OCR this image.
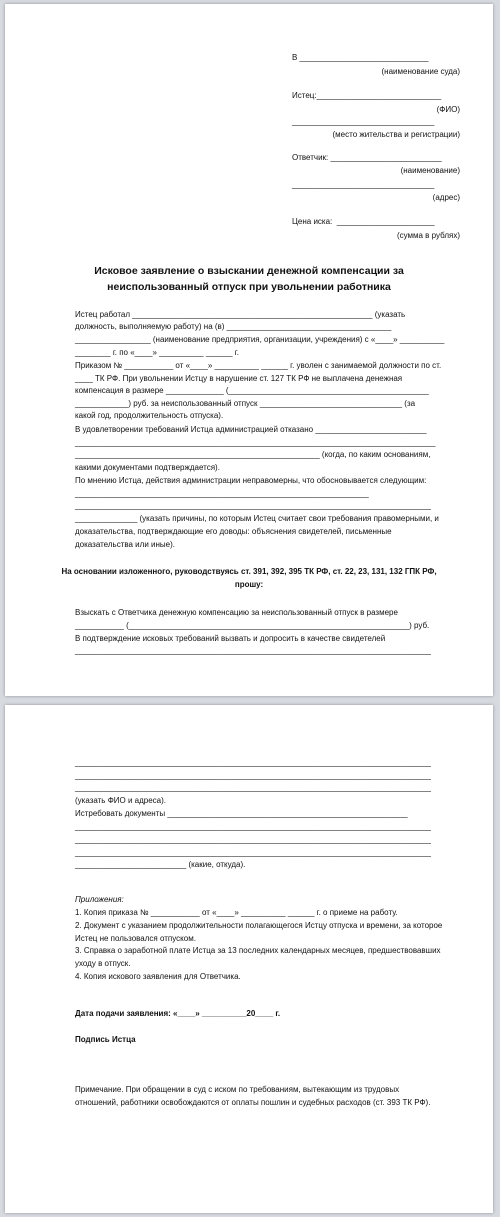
В _____________________________
(наименование суда)
Истец:____________________________
(ФИО)
________________________________
(место жительства и регистрации)
Ответчик: _________________________
(наименование)
________________________________
(адрес)
Цена иска:  ______________________
(сумма в рублях)
Исковое заявление о взыскании денежной компенсации за
неиспользованный отпуск при увольнении работника
Истец работал ______________________________________________________ (указать
должность, выполняемую работу) на (в) _____________________________________
_________________ (наименование предприятия, организации, учреждения) с «____» __________
________ г. по «____» __________ ______ г.
Приказом № ___________ от «____» __________ ______ г. уволен с занимаемой должности по ст.
____ ТК РФ. При увольнении Истцу в нарушение ст. 127 ТК РФ не выплачена денежная
компенсация в размере _____________ (_____________________________________________
____________) руб. за неиспользованный отпуск ________________________________ (за
какой год, продолжительность отпуска).
В удовлетворении требований Истца администрацией отказано _________________________
_________________________________________________________________________________
_______________________________________________________ (когда, по каким основаниям,
какими документами подтверждается).
По мнению Истца, действия администрации неправомерны, что обосновывается следующим:
__________________________________________________________________
________________________________________________________________________________
______________ (указать причины, по которым Истец считает свои требования правомерными, и
доказательства, подтверждающие его доводы: объяснения свидетелей, письменные
доказательства или иные).
На основании изложенного, руководствуясь ст. 391, 392, 395 ТК РФ, ст. 22, 23, 131, 132 ГПК РФ,
прошу:
Взыскать с Ответчика денежную компенсацию за неиспользованный отпуск в размере
___________ (_______________________________________________________________) руб.
В подтверждение исковых требований вызвать и допросить в качестве свидетелей
________________________________________________________________________________
________________________________________________________________________________
________________________________________________________________________________
________________________________________________________________________________
(указать ФИО и адреса).
Истребовать документы ______________________________________________________
________________________________________________________________________________
________________________________________________________________________________
________________________________________________________________________________
_________________________ (какие, откуда).
Приложения:
1. Копия приказа № ___________ от «____» __________ ______ г. о приеме на работу.
2. Документ с указанием продолжительности полагающегося Истцу отпуска и времени, за которое
Истец не пользовался отпуском.
3. Справка о заработной плате Истца за 13 последних календарных месяцев, предшествовавших
уходу в отпуск.
4. Копия искового заявления для Ответчика.
Дата подачи заявления: «____» __________20____ г.
Подпись Истца
Примечание. При обращении в суд с иском по требованиям, вытекающим из трудовых
отношений, работники освобождаются от оплаты пошлин и судебных расходов (ст. 393 ТК РФ).
